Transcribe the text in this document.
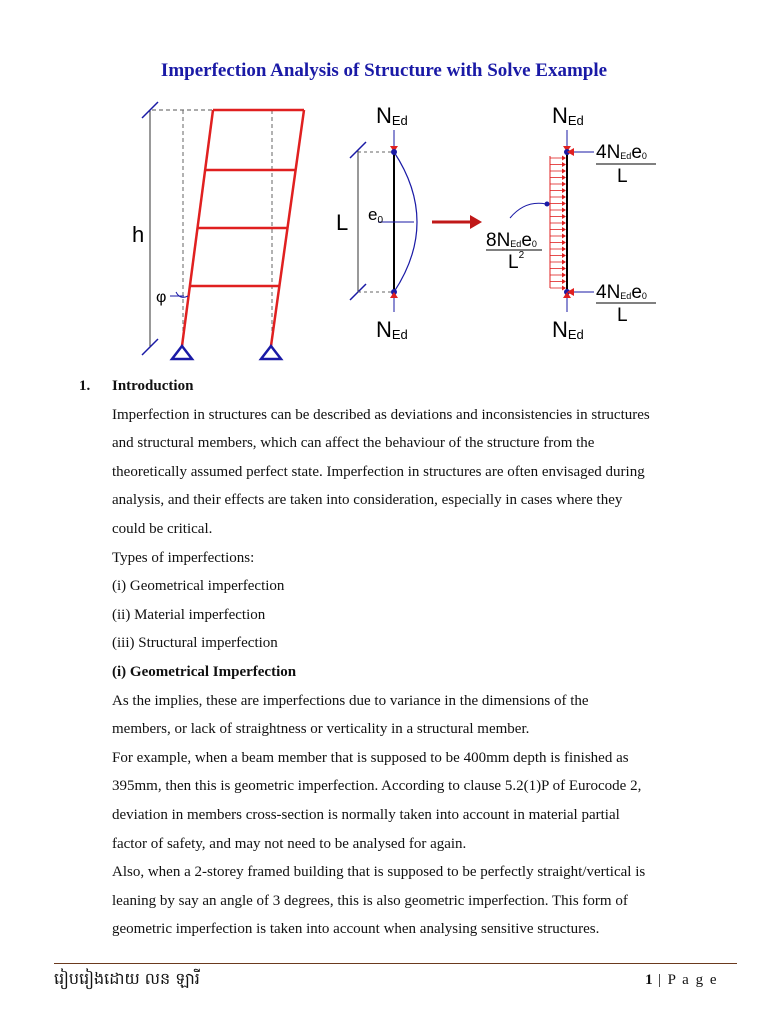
Imperfection Analysis of Structure with Solve Example
h
φ
NEd
L e0
NEd
NEd
4NEde0
L
4NEde0
L
8NEde0
$L^2$
NEd

1. Introduction

Imperfection in structures can be described as deviations and inconsistencies in structures

and structural members, which can affect the behaviour of the structure from the

theoretically assumed perfect state. Imperfection in structures are often envisaged during

analysis, and their effects are taken into consideration, especially in cases where they

could be critical.

Types of imperfections:

(i) Geometrical imperfection

(ii) Material imperfection

(iii) Structural imperfection

(i) Geometrical Imperfection

As the implies, these are imperfections due to variance in the dimensions of the

members, or lack of straightness or verticality in a structural member.

For example, when a beam member that is supposed to be 400mm depth is finished as

395mm, then this is geometric imperfection. According to clause 5.2(1)P of Eurocode 2,

deviation in members cross-section is normally taken into account in material partial

factor of safety, and may not need to be analysed for again.

Also, when a 2-storey framed building that is supposed to be perfectly straight/vertical is

leaning by say an angle of 3 degrees, this is also geometric imperfection. This form of

geometric imperfection is taken into account when analysing sensitive structures.

រៀបរៀងដោយ លន ឡារី	1 | P a g e
